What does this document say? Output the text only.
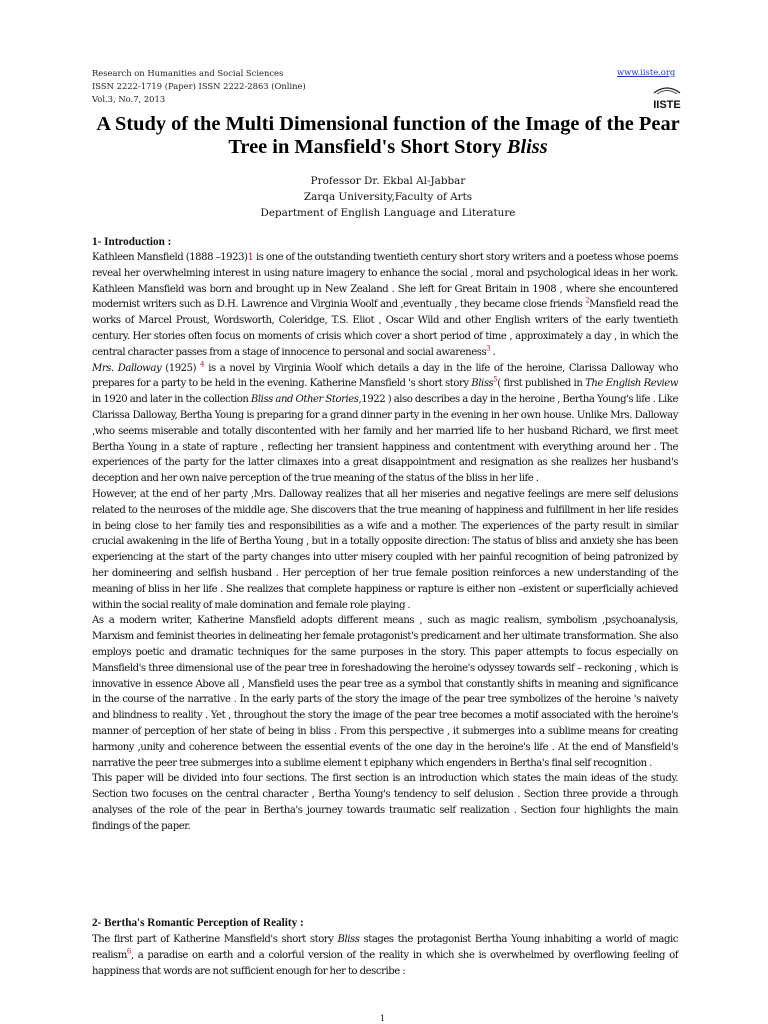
Research on Humanities and Social Sciences
ISSN 2222-1719 (Paper) ISSN 2222-2863 (Online)
Vol.3, No.7, 2013
www.iiste.org
IISTE
A Study of the Multi Dimensional function of the Image of the Pear Tree in Mansfield's Short Story Bliss
Professor Dr. Ekbal Al-Jabbar
Zarqa University,Faculty of Arts
Department of English Language and Literature
1- Introduction :

Kathleen Mansfield (1888 –1923)1 is one of the outstanding twentieth century short story writers and a poetess whose poems reveal her overwhelming interest in using nature imagery to enhance the social , moral and psychological ideas in her work. Kathleen Mansfield was born and brought up in New Zealand . She left for Great Britain in 1908 , where she encountered modernist writers such as D.H. Lawrence and Virginia Woolf and ,eventually , they became close friends $^2$Mansfield read the works of Marcel Proust, Wordsworth, Coleridge, T.S. Eliot , Oscar Wild and other English writers of the early twentieth century. Her stories often focus on moments of crisis which cover a short period of time , approximately a day , in which the central character passes from a stage of innocence to personal and social awareness$^3$ .

Mrs. Dalloway (1925) $^4$ is a novel by Virginia Woolf which details a day in the life of the heroine, Clarissa Dalloway who prepares for a party to be held in the evening. Katherine Mansfield 's short story Bliss$^5$( first published in The English Review in 1920 and later in the collection Bliss and Other Stories,1922 ) also describes a day in the heroine , Bertha Young's life . Like Clarissa Dalloway, Bertha Young is preparing for a grand dinner party in the evening in her own house. Unlike Mrs. Dalloway ,who seems miserable and totally discontented with her family and her married life to her husband Richard, we first meet Bertha Young in a state of rapture , reflecting her transient happiness and contentment with everything around her . The experiences of the party for the latter climaxes into a great disappointment and resignation as she realizes her husband's deception and her own naive perception of the true meaning of the status of the bliss in her life .

However, at the end of her party ,Mrs. Dalloway realizes that all her miseries and negative feelings are mere self delusions related to the neuroses of the middle age. She discovers that the true meaning of happiness and fulfillment in her life resides in being close to her family ties and responsibilities as a wife and a mother. The experiences of the party result in similar crucial awakening in the life of Bertha Young , but in a totally opposite direction: The status of bliss and anxiety she has been experiencing at the start of the party changes into utter misery coupled with her painful recognition of being patronized by her domineering and selfish husband . Her perception of her true female position reinforces a new understanding of the meaning of bliss in her life . She realizes that complete happiness or rapture is either non –existent or superficially achieved within the social reality of male domination and female role playing .

As a modern writer, Katherine Mansfield adopts different means , such as magic realism, symbolism ,psychoanalysis, Marxism and feminist theories in delineating her female protagonist's predicament and her ultimate transformation. She also employs poetic and dramatic techniques for the same purposes in the story. This paper attempts to focus especially on Mansfield's three dimensional use of the pear tree in foreshadowing the heroine's odyssey towards self – reckoning , which is innovative in essence Above all , Mansfield uses the pear tree as a symbol that constantly shifts in meaning and significance in the course of the narrative . In the early parts of the story the image of the pear tree symbolizes of the heroine 's naivety and blindness to reality . Yet , throughout the story the image of the pear tree becomes a motif associated with the heroine's manner of perception of her state of being in bliss . From this perspective , it submerges into a sublime means for creating harmony ,unity and coherence between the essential events of the one day in the heroine's life . At the end of Mansfield's narrative the peer tree submerges into a sublime element t epiphany which engenders in Bertha's final self recognition .

This paper will be divided into four sections. The first section is an introduction which states the main ideas of the study. Section two focuses on the central character , Bertha Young's tendency to self delusion . Section three provide a through analyses of the role of the pear in Bertha's journey towards traumatic self realization . Section four highlights the main findings of the paper.

2- Bertha's Romantic Perception of Reality :

The first part of Katherine Mansfield's short story Bliss stages the protagonist Bertha Young inhabiting a world of magic realism$^6$, a paradise on earth and a colorful version of the reality in which she is overwhelmed by overflowing feeling of happiness that words are not sufficient enough for her to describe :

1
